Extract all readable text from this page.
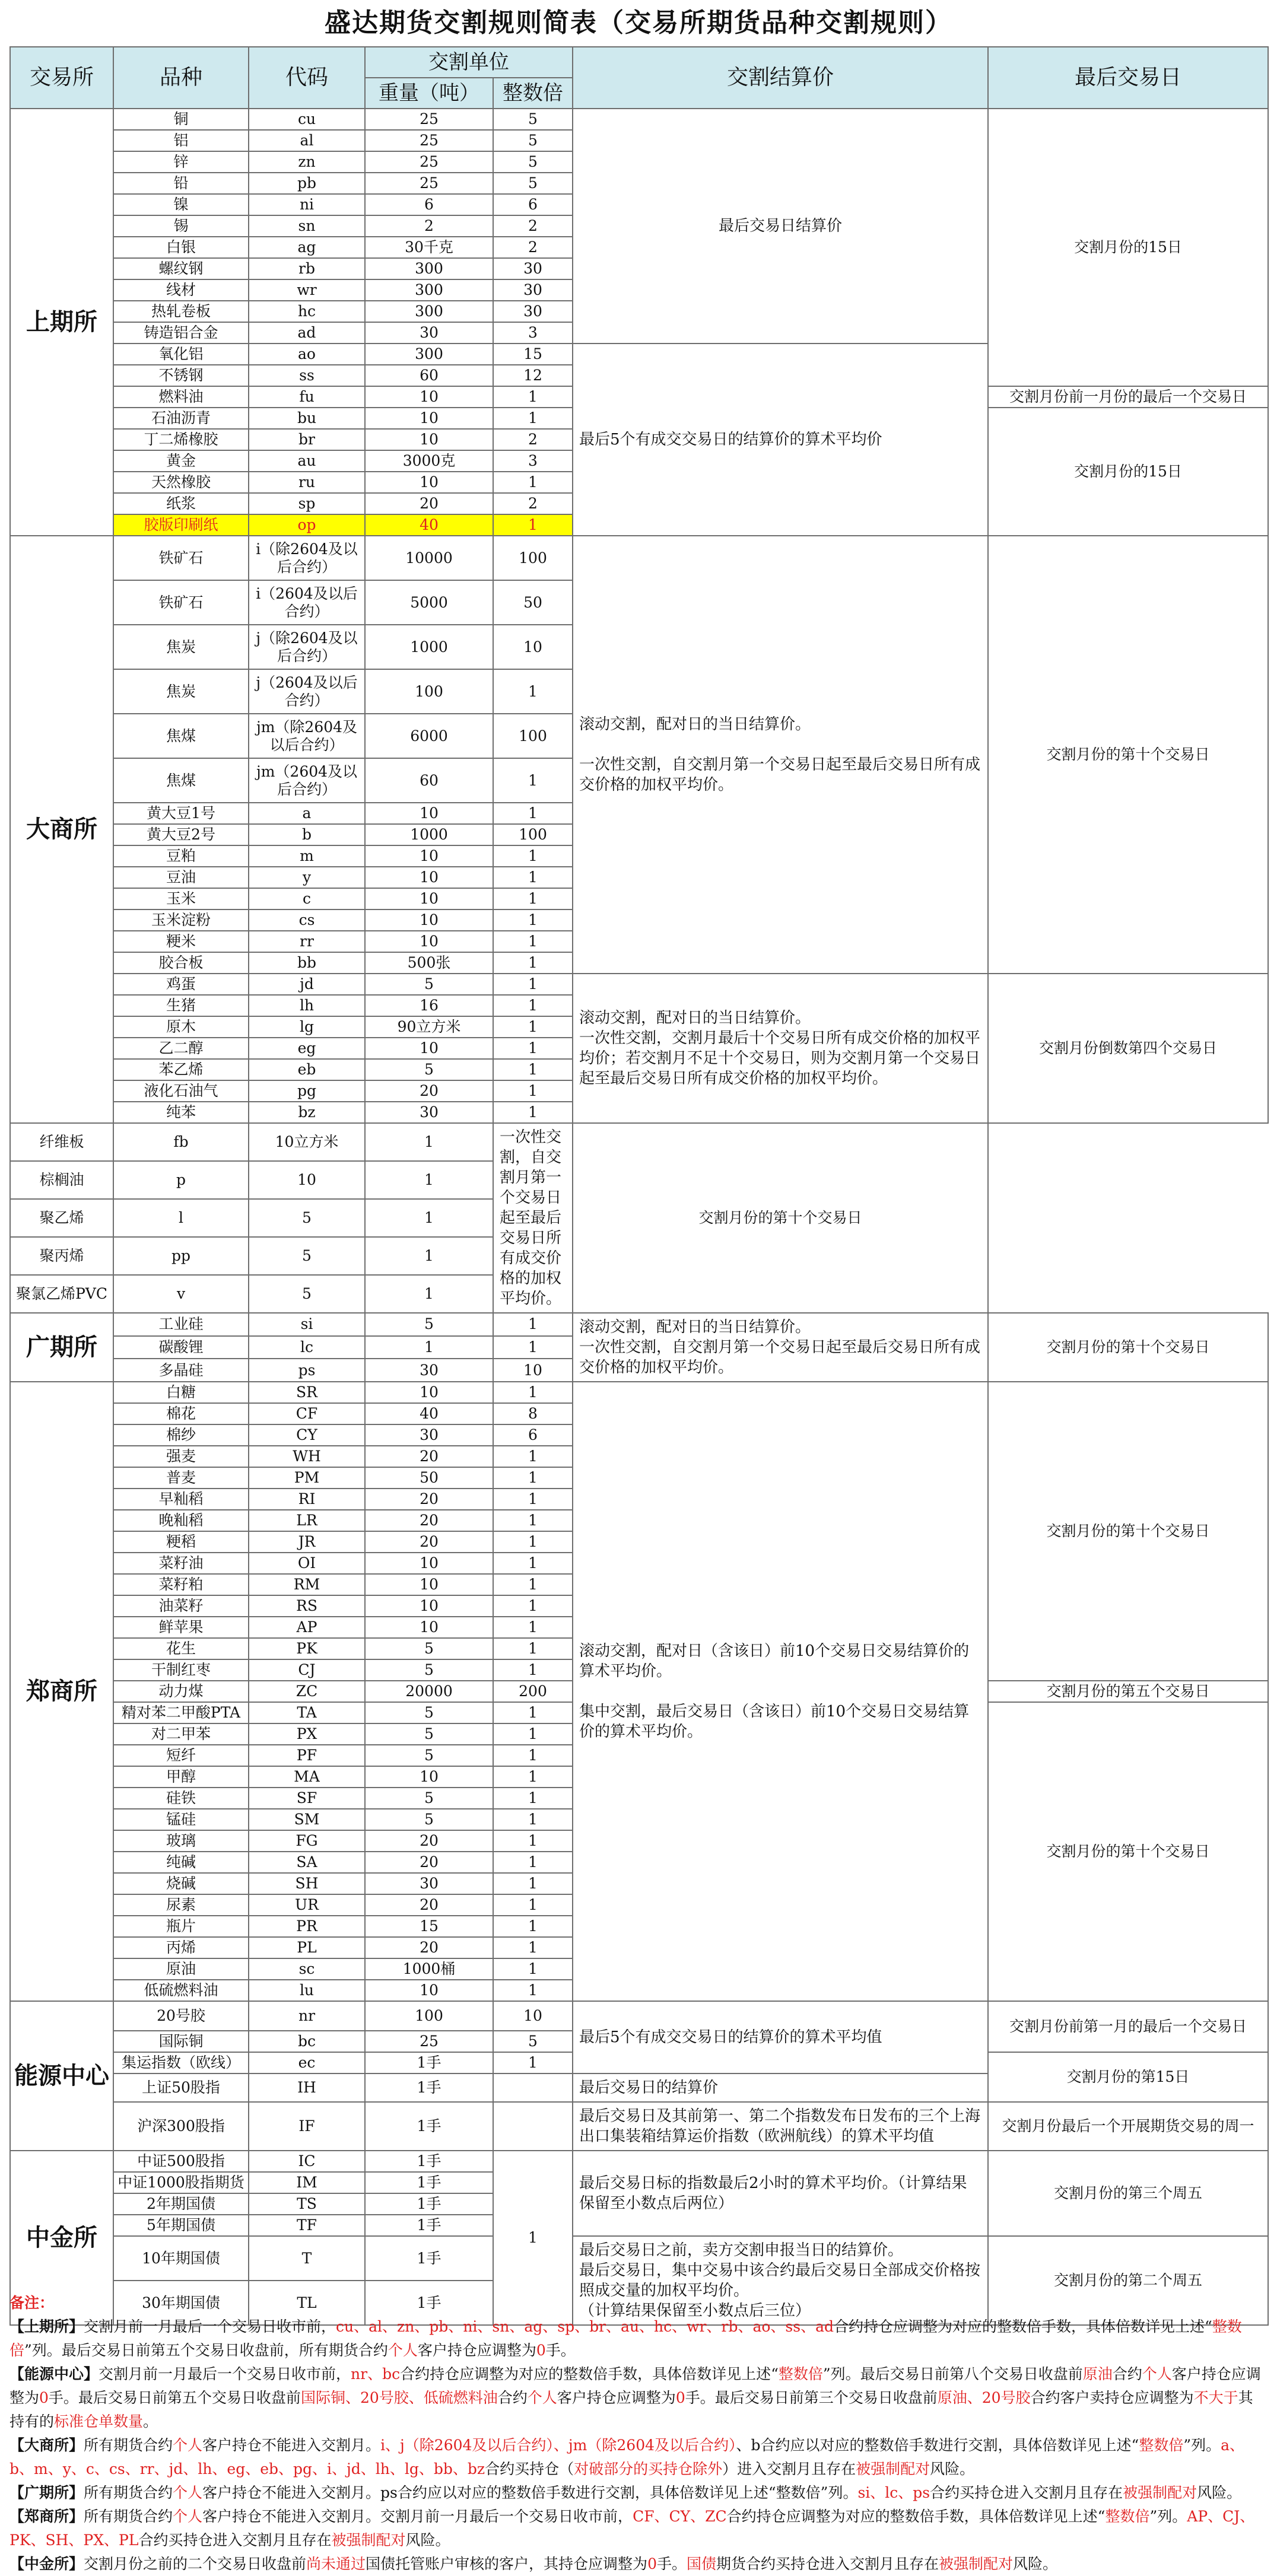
盛达期货交割规则简表（交易所期货品种交割规则）
交易所	品种	代码	交割单位		交割结算价	最后交易日
			重量（吨）	整数倍		
上期所	铜	cu	25	5	最后交易日结算价	交割月份的15日
	铝	al	25	5		
	锌	zn	25	5		
	铅	pb	25	5		
	镍	ni	6	6		
	锡	sn	2	2		
	白银	ag	30千克	2		
	螺纹钢	rb	300	30		
	线材	wr	300	30		
	热轧卷板	hc	300	30		
	铸造铝合金	ad	30	3		
	氧化铝	ao	300	15	最后5个有成交交易日的结算价的算术平均价	
	不锈钢	ss	60	12		
	燃料油	fu	10	1		交割月份前一月份的最后一个交易日
	石油沥青	bu	10	1		交割月份的15日
	丁二烯橡胶	br	10	2		
	黄金	au	3000克	3		
	天然橡胶	ru	10	1		
	纸浆	sp	20	2		
	胶版印刷纸	op	40	1		
大商所	铁矿石	i（除2604及以后合约）	10000	100	滚动交割，配对日的当日结算价。

一次性交割，自交割月第一个交易日起至最后交易日所有成交价格的加权平均价。	交割月份的第十个交易日
	铁矿石	i（2604及以后合约）	5000	50		
	焦炭	j（除2604及以后合约）	1000	10		
	焦炭	j（2604及以后合约）	100	1		
	焦煤	jm（除2604及以后合约）	6000	100		
	焦煤	jm（2604及以后合约）	60	1		
	黄大豆1号	a	10	1		
	黄大豆2号	b	1000	100		
	豆粕	m	10	1		
	豆油	y	10	1		
	玉米	c	10	1		
	玉米淀粉	cs	10	1		
	粳米	rr	10	1		
	胶合板	bb	500张	1		
	鸡蛋	jd	5	1	滚动交割，配对日的当日结算价。
一次性交割，交割月最后十个交易日所有成交价格的加权平均价；若交割月不足十个交易日，则为交割月第一个交易日起至最后交易日所有成交价格的加权平均价。	交割月份倒数第四个交易日
	生猪	lh	16	1		
	原木	lg	90立方米	1		
	乙二醇	eg	10	1		
	苯乙烯	eb	5	1		
	液化石油气	pg	20	1		
	纯苯	bz	30	1		
纤维板	fb	10立方米	1	一次性交割，自交割月第一个交易日起至最后交易日所有成交价格的加权平均价。	交割月份的第十个交易日	
棕榈油	p	10	1			
聚乙烯	l	5	1			
聚丙烯	pp	5	1			
聚氯乙烯PVC	v	5	1			
广期所	工业硅	si	5	1	滚动交割，配对日的当日结算价。
一次性交割，自交割月第一个交易日起至最后交易日所有成交价格的加权平均价。	交割月份的第十个交易日
	碳酸锂	lc	1	1		
	多晶硅	ps	30	10		
郑商所	白糖	SR	10	1	滚动交割，配对日（含该日）前10个交易日交易结算价的算术平均价。

集中交割，最后交易日（含该日）前10个交易日交易结算价的算术平均价。	交割月份的第十个交易日
	棉花	CF	40	8		
	棉纱	CY	30	6		
	强麦	WH	20	1		
	普麦	PM	50	1		
	早籼稻	RI	20	1		
	晚籼稻	LR	20	1		
	粳稻	JR	20	1		
	菜籽油	OI	10	1		
	菜籽粕	RM	10	1		
	油菜籽	RS	10	1		
	鲜苹果	AP	10	1		
	花生	PK	5	1		
	干制红枣	CJ	5	1		
	动力煤	ZC	20000	200		交割月份的第五个交易日
	精对苯二甲酸PTA	TA	5	1		交割月份的第十个交易日
	对二甲苯	PX	5	1		
	短纤	PF	5	1		
	甲醇	MA	10	1		
	硅铁	SF	5	1		
	锰硅	SM	5	1		
	玻璃	FG	20	1		
	纯碱	SA	20	1		
	烧碱	SH	30	1		
	尿素	UR	20	1		
	瓶片	PR	15	1		
	丙烯	PL	20	1		
	原油	sc	1000桶	1		
	低硫燃料油	lu	10	1		
能源中心	20号胶	nr	100	10	最后5个有成交交易日的结算价的算术平均值	交割月份前第一月的最后一个交易日
	国际铜	bc	25	5		
	集运指数（欧线）	ec	1手	1		交割月份的第15日
	上证50股指	IH	1手		最后交易日的结算价	
	沪深300股指	IF	1手		最后交易日及其前第一、第二个指数发布日发布的三个上海出口集装箱结算运价指数（欧洲航线）的算术平均值	交割月份最后一个开展期货交易的周一
中金所	中证500股指	IC	1手	1	最后交易日标的指数最后2小时的算术平均价。（计算结果保留至小数点后两位）	交割月份的第三个周五
	中证1000股指期货	IM	1手			
	2年期国债	TS	1手			
	5年期国债	TF	1手			
	10年期国债	T	1手		最后交易日之前，卖方交割申报当日的结算价。
最后交易日，集中交易中该合约最后交易日全部成交价格按照成交量的加权平均价。
（计算结果保留至小数点后三位）	交割月份的第二个周五
	30年期国债	TL	1手			

备注：

【上期所】交割月前一月最后一个交易日收市前，cu、al、zn、pb、ni、sn、ag、sp、br、au、hc、wr、rb、ao、ss、ad合约持仓应调整为对应的整数倍手数，具体倍数详见上述“整数倍”列。最后交易日前第五个交易日收盘前，所有期货合约个人客户持仓应调整为0手。

【能源中心】交割月前一月最后一个交易日收市前，nr、bc合约持仓应调整为对应的整数倍手数，具体倍数详见上述“整数倍”列。最后交易日前第八个交易日收盘前原油合约个人客户持仓应调整为0手。最后交易日前第五个交易日收盘前国际铜、20号胶、低硫燃料油合约个人客户持仓应调整为0手。最后交易日前第三个交易日收盘前原油、20号胶合约客户卖持仓应调整为不大于其持有的标准仓单数量。

【大商所】所有期货合约个人客户持仓不能进入交割月。i、j（除2604及以后合约）、jm（除2604及以后合约）、b合约应以对应的整数倍手数进行交割，具体倍数详见上述“整数倍”列。a、b、m、y、c、cs、rr、jd、lh、eg、eb、pg、i、jd、lh、lg、bb、bz合约买持仓（对破部分的买持仓除外）进入交割月且存在被强制配对风险。

【广期所】所有期货合约个人客户持仓不能进入交割月。ps合约应以对应的整数倍手数进行交割，具体倍数详见上述“整数倍”列。si、lc、ps合约买持仓进入交割月且存在被强制配对风险。

【郑商所】所有期货合约个人客户持仓不能进入交割月。交割月前一月最后一个交易日收市前，CF、CY、ZC合约持仓应调整为对应的整数倍手数，具体倍数详见上述“整数倍”列。AP、CJ、PK、SH、PX、PL合约买持仓进入交割月且存在被强制配对风险。

【中金所】交割月份之前的二个交易日收盘前尚未通过国债托管账户审核的客户，其持仓应调整为0手。国债期货合约买持仓进入交割月且存在被强制配对风险。
